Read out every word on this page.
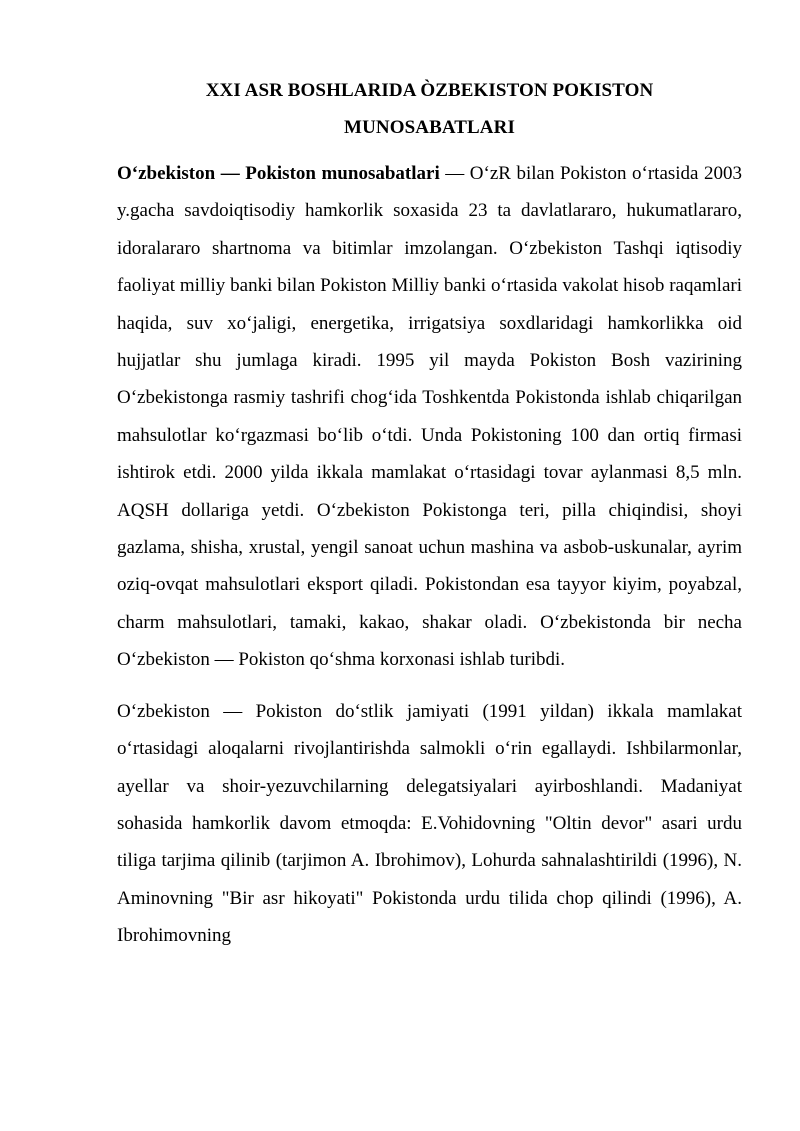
XXI ASR BOSHLARIDA ÒZBEKISTON POKISTON
MUNOSABATLARI

O‘zbekiston — Pokiston munosabatlari — O‘zR bilan Pokiston o‘rtasida 2003 y.gacha savdoiqtisodiy hamkorlik soxasida 23 ta davlatlararo, hukumatlararo, idoralararo shartnoma va bitimlar imzolangan. O‘zbekiston Tashqi iqtisodiy faoliyat milliy banki bilan Pokiston Milliy banki o‘rtasida vakolat hisob raqamlari haqida, suv xo‘jaligi, energetika, irrigatsiya soxdlaridagi hamkorlikka oid hujjatlar shu jumlaga kiradi. 1995 yil mayda Pokiston Bosh vazirining O‘zbekistonga rasmiy tashrifi chog‘ida Toshkentda Pokistonda ishlab chiqarilgan mahsulotlar ko‘rgazmasi bo‘lib o‘tdi. Unda Pokistoning 100 dan ortiq firmasi ishtirok etdi. 2000 yilda ikkala mamlakat o‘rtasidagi tovar aylanmasi 8,5 mln. AQSH dollariga yetdi. O‘zbekiston Pokistonga teri, pilla chiqindisi, shoyi gazlama, shisha, xrustal, yengil sanoat uchun mashina va asbob-uskunalar, ayrim oziq-ovqat mahsulotlari eksport qiladi. Pokistondan esa tayyor kiyim, poyabzal, charm mahsulotlari, tamaki, kakao, shakar oladi. O‘zbekistonda bir necha O‘zbekiston — Pokiston qo‘shma korxonasi ishlab turibdi.

O‘zbekiston — Pokiston do‘stlik jamiyati (1991 yildan) ikkala mamlakat o‘rtasidagi aloqalarni rivojlantirishda salmokli o‘rin egallaydi. Ishbilarmonlar, ayellar va shoir-yezuvchilarning delegatsiyalari ayirboshlandi. Madaniyat sohasida hamkorlik davom etmoqda: E.Vohidovning "Oltin devor" asari urdu tiliga tarjima qilinib (tarjimon A. Ibrohimov), Lohurda sahnalashtirildi (1996), N. Aminovning "Bir asr hikoyati" Pokistonda urdu tilida chop qilindi (1996), A. Ibrohimovning
